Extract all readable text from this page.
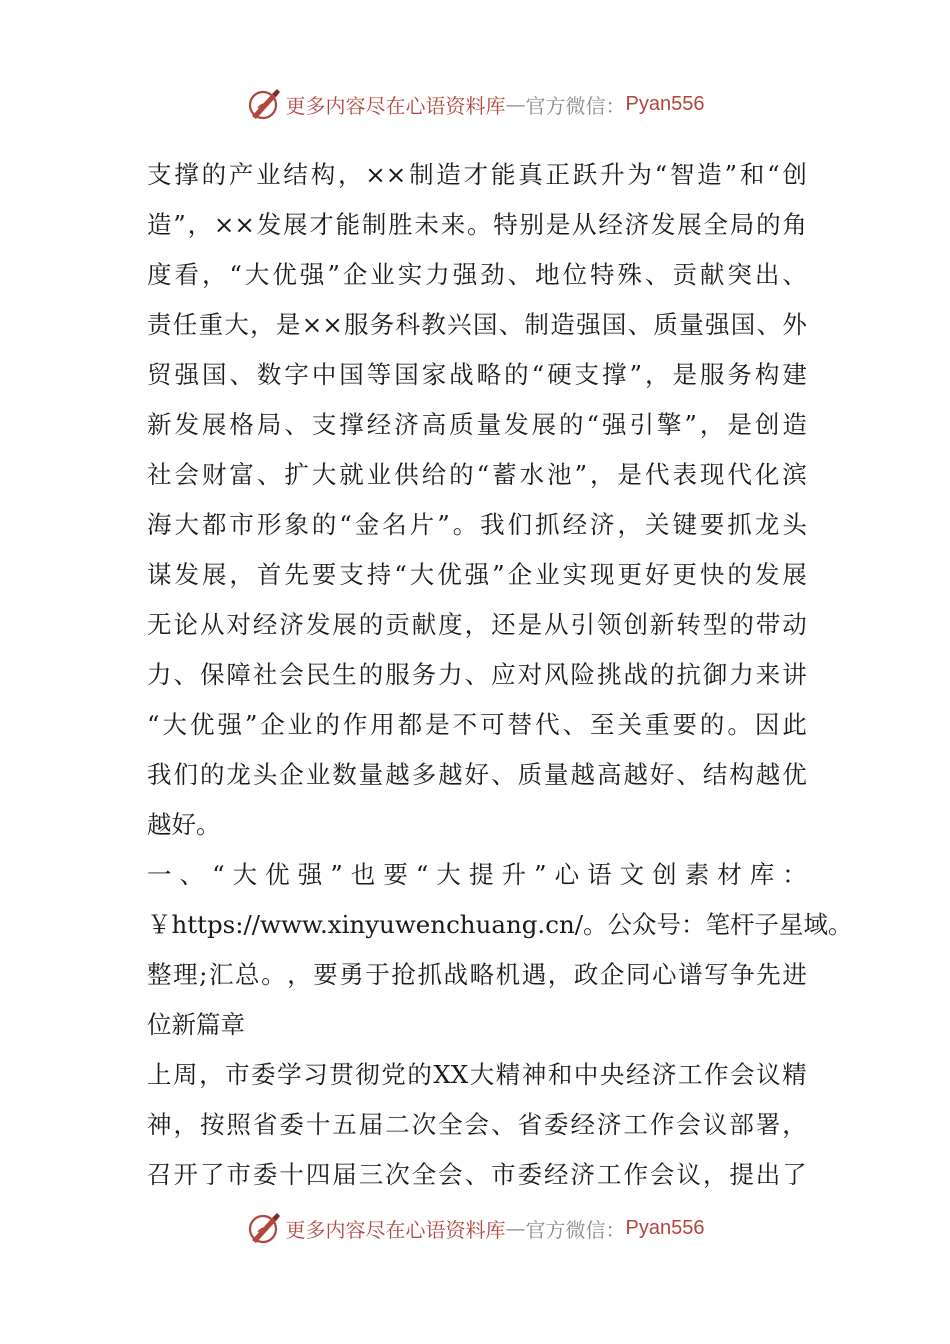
更多内容尽在心语资料库 — 官方微信： Pyan556
支 撑 的 产 业 结 构 ， ×× 制 造 才 能 真 正 跃 升 为 “ 智 造 ” 和 “ 创
造 ” ， ×× 发 展 才 能 制 胜 未 来 。 特 别 是 从 经 济 发 展 全 局 的 角
度 看 ， “ 大 优 强 ” 企 业 实 力 强 劲 、 地 位 特 殊 、 贡 献 突 出 、
责 任 重 大 ， 是 ×× 服 务 科 教 兴 国 、 制 造 强 国 、 质 量 强 国 、 外
贸 强 国 、 数 字 中 国 等 国 家 战 略 的 “ 硬 支 撑 ” ， 是 服 务 构 建
新 发 展 格 局 、 支 撑 经 济 高 质 量 发 展 的 “ 强 引 擎 ” ， 是 创 造
社 会 财 富 、 扩 大 就 业 供 给 的 “ 蓄 水 池 ” ， 是 代 表 现 代 化 滨
海 大 都 市 形 象 的 “ 金 名 片 ” 。 我 们 抓 经 济 ， 关 键 要 抓 龙 头
谋 发 展 ， 首 先 要 支 持 “ 大 优 强 ” 企 业 实 现 更 好 更 快 的 发 展
无 论 从 对 经 济 发 展 的 贡 献 度 ， 还 是 从 引 领 创 新 转 型 的 带 动
力 、 保 障 社 会 民 生 的 服 务 力 、 应 对 风 险 挑 战 的 抗 御 力 来 讲
“ 大 优 强 ” 企 业 的 作 用 都 是 不 可 替 代 、 至 关 重 要 的 。 因 此
我 们 的 龙 头 企 业 数 量 越 多 越 好 、 质 量 越 高 越 好 、 结 构 越 优
越好。
一 、 “ 大 优 强 ” 也 要 “ 大 提 升 ” 心 语 文 创 素 材 库 ：
￥https://www.xinyuwenchuang.cn/。公众号：笔杆子星域。
整 理 ; 汇 总 。 ， 要 勇 于 抢 抓 战 略 机 遇 ， 政 企 同 心 谱 写 争 先 进
位新篇章
上 周 ， 市 委 学 习 贯 彻 党 的 XX 大 精 神 和 中 央 经 济 工 作 会 议 精
神 ， 按 照 省 委 十 五 届 二 次 全 会 、 省 委 经 济 工 作 会 议 部 署 ，
召 开 了 市 委 十 四 届 三 次 全 会 、 市 委 经 济 工 作 会 议 ， 提 出 了
更多内容尽在心语资料库 — 官方微信： Pyan556
